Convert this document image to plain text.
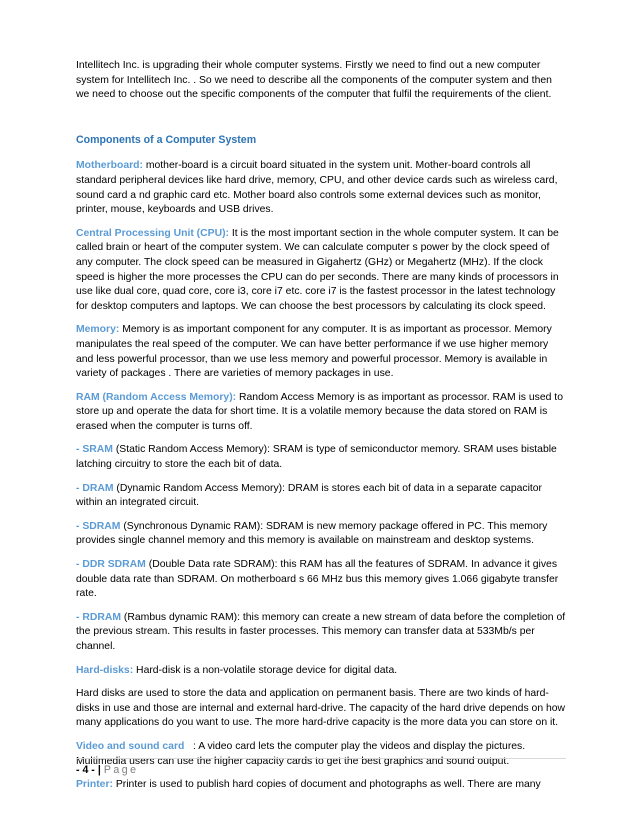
Intellitech Inc. is upgrading their whole computer systems. Firstly we need to find out a new computer system for Intellitech Inc. . So we need to describe all the components of the computer system and then we need to choose out the specific components of the computer that fulfil the requirements of the client.

Components of a Computer System

Motherboard: mother-board is a circuit board situated in the system unit. Mother-board controls all standard peripheral devices like hard drive, memory, CPU, and other device cards such as wireless card, sound card a nd graphic card etc. Mother board also controls some external devices such as monitor, printer, mouse, keyboards and USB drives.

Central Processing Unit (CPU): It is the most important section in the whole computer system. It can be called brain or heart of the computer system. We can calculate computer s power by the clock speed of any computer. The clock speed can be measured in Gigahertz (GHz) or Megahertz (MHz). If the clock speed is higher the more processes the CPU can do per seconds. There are many kinds of processors in use like dual core, quad core, core i3, core i7 etc. core i7 is the fastest processor in the latest technology for desktop computers and laptops. We can choose the best processors by calculating its clock speed.

Memory: Memory is as important component for any computer. It is as important as processor. Memory manipulates the real speed of the computer. We can have better performance if we use higher memory and less powerful processor, than we use less memory and powerful processor. Memory is available in variety of packages . There are varieties of memory packages in use.

RAM (Random Access Memory): Random Access Memory is as important as processor. RAM is used to store up and operate the data for short time. It is a volatile memory because the data stored on RAM is erased when the computer is turns off.

- SRAM (Static Random Access Memory): SRAM is type of semiconductor memory. SRAM uses bistable latching circuitry to store the each bit of data.

- DRAM (Dynamic Random Access Memory): DRAM is stores each bit of data in a separate capacitor within an integrated circuit.

- SDRAM (Synchronous Dynamic RAM): SDRAM is new memory package offered in PC. This memory provides single channel memory and this memory is available on mainstream and desktop systems.

- DDR SDRAM (Double Data rate SDRAM): this RAM has all the features of SDRAM. In advance it gives double data rate than SDRAM. On motherboard s 66 MHz bus this memory gives 1.066 gigabyte transfer rate.

- RDRAM (Rambus dynamic RAM): this memory can create a new stream of data before the completion of the previous stream. This results in faster processes. This memory can transfer data at 533Mb/s per channel.

Hard-disks: Hard-disk is a non-volatile storage device for digital data.

Hard disks are used to store the data and application on permanent basis. There are two kinds of hard-disks in use and those are internal and external hard-drive. The capacity of the hard drive depends on how many applications do you want to use. The more hard-drive capacity is the more data you can store on it.

Video and sound card   : A video card lets the computer play the videos and display the pictures. Multimedia users can use the higher capacity cards to get the best graphics and sound output.

Printer: Printer is used to publish hard copies of document and photographs as well. There are many

- 4 - | Page
